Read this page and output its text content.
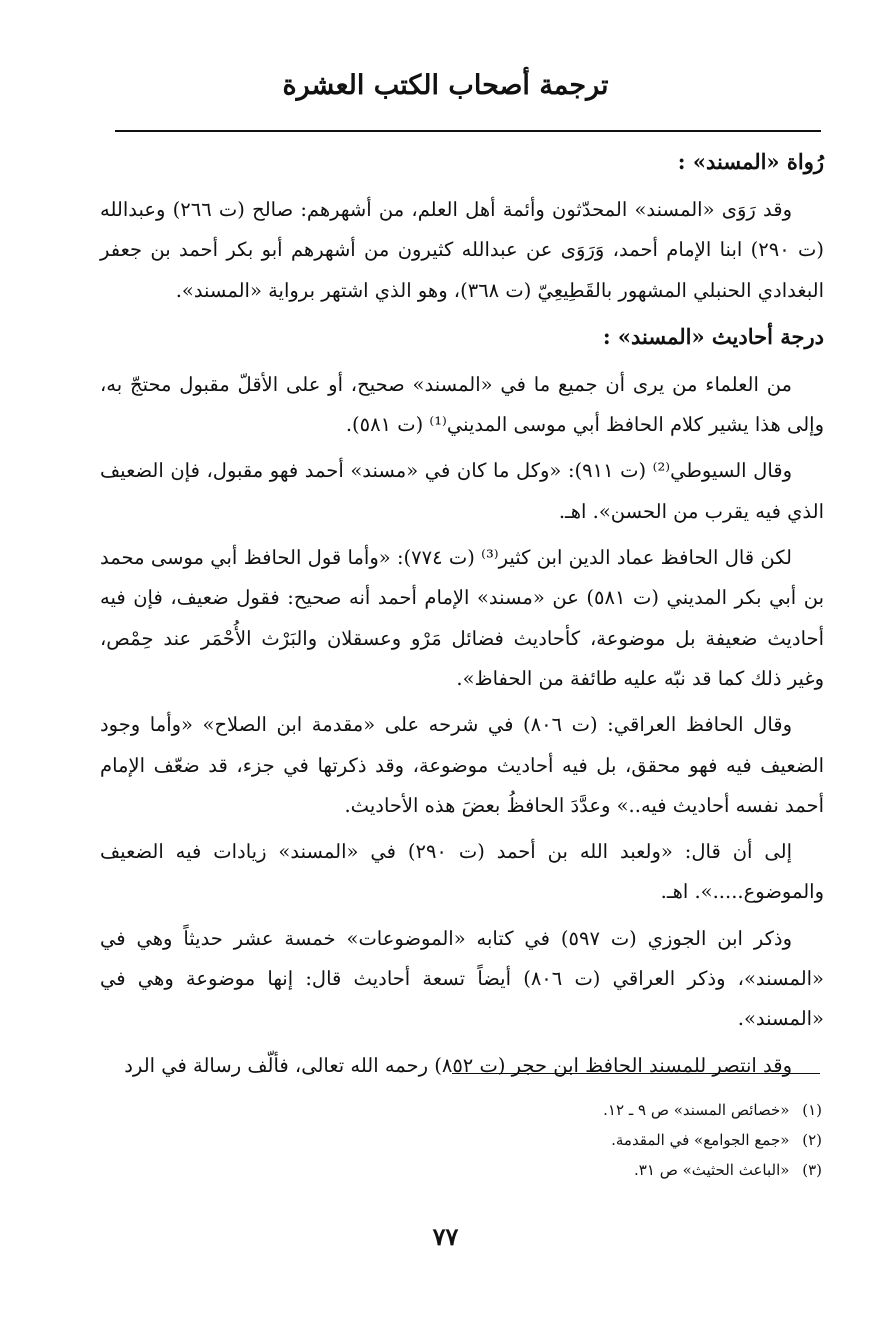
ترجمة أصحاب الكتب العشرة
رُواة «المسند» :

وقد رَوَى «المسند» المحدّثون وأئمة أهل العلم، من أشهرهم: صالح (ت ٢٦٦) وعبدالله (ت ٢٩٠) ابنا الإمام أحمد، وَرَوَى عن عبدالله كثيرون من أشهرهم أبو بكر أحمد بن جعفر البغدادي الحنبلي المشهور بالقَطِيعِيّ (ت ٣٦٨)، وهو الذي اشتهر برواية «المسند».

درجة أحاديث «المسند» :

من العلماء من يرى أن جميع ما في «المسند» صحيح، أو على الأقلّ مقبول محتجّ به، وإلى هذا يشير كلام الحافظ أبي موسى المديني⁽¹⁾ (ت ٥٨١).

وقال السيوطي⁽²⁾ (ت ٩١١): «وكل ما كان في «مسند» أحمد فهو مقبول، فإن الضعيف الذي فيه يقرب من الحسن». اهـ.

لكن قال الحافظ عماد الدين ابن كثير⁽³⁾ (ت ٧٧٤): «وأما قول الحافظ أبي موسى محمد بن أبي بكر المديني (ت ٥٨١) عن «مسند» الإمام أحمد أنه صحيح: فقول ضعيف، فإن فيه أحاديث ضعيفة بل موضوعة، كأحاديث فضائل مَرْو وعسقلان والبَرْث الأُحْمَر عند حِمْص، وغير ذلك كما قد نبّه عليه طائفة من الحفاظ».

وقال الحافظ العراقي: (ت ٨٠٦) في شرحه على «مقدمة ابن الصلاح» «وأما وجود الضعيف فيه فهو محقق، بل فيه أحاديث موضوعة، وقد ذكرتها في جزء، قد ضعّف الإمام أحمد نفسه أحاديث فيه..» وعدَّدَ الحافظُ بعضَ هذه الأحاديث.

إلى أن قال: «ولعبد الله بن أحمد (ت ٢٩٠) في «المسند» زيادات فيه الضعيف والموضوع.....». اهـ.

وذكر ابن الجوزي (ت ٥٩٧) في كتابه «الموضوعات» خمسة عشر حديثاً وهي في «المسند»، وذكر العراقي (ت ٨٠٦) أيضاً تسعة أحاديث قال: إنها موضوعة وهي في «المسند».

وقد انتصر للمسند الحافظ ابن حجر (ت ٨٥٢) رحمه الله تعالى، فألّف رسالة في الرد

(١) «خصائص المسند» ص ٩ ـ ١٢.
(٢) «جمع الجوامع» في المقدمة.
(٣) «الباعث الحثيث» ص ٣١.
٧٧
